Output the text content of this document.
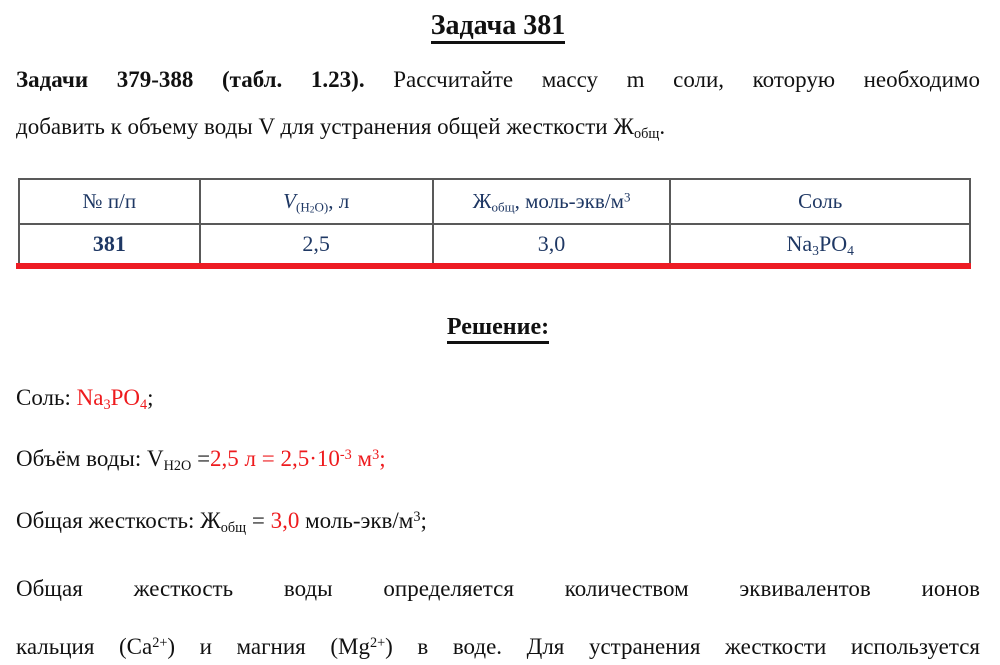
Задача 381
Задачи 379-388 (табл. 1.23). Рассчитайте массу m соли, которую необходимо
добавить к объему воды V для устранения общей жесткости $Ж_{общ}$.
№ п/п	$V_{(H2O)}$, л	$Ж_{общ}$, моль-$экв/м^3$	Соль
381	2,5	3,0	$Na_3PO_4$
Решение:
Соль: $Na_3PO_4$;
Объём воды: $V_{H2O} =2,5$ $л = 2,5\cdot 10^{-3}$ $м^3$;
Общая жесткость: $Ж_{общ} = 3,0$ моль-$экв/м^3$;
Общая жесткость воды определяется количеством эквивалентов ионов
кальция $(Ca^{2+})$ и магния $(Mg^{2+})$ в воде. Для устранения жесткости используется
